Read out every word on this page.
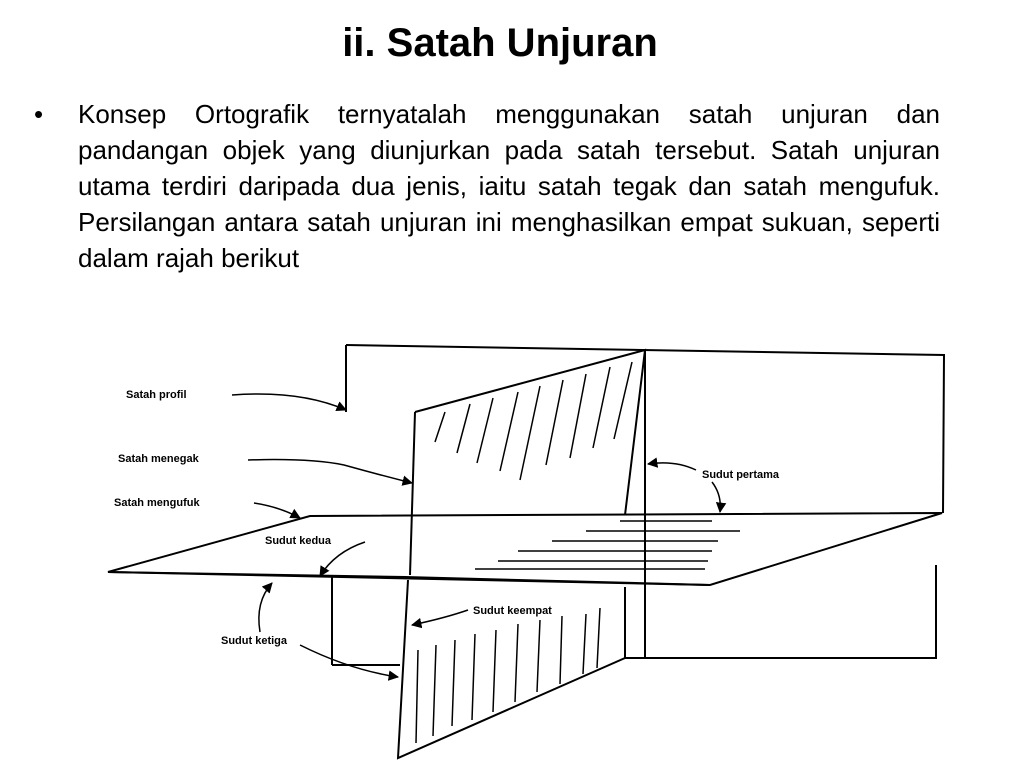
ii. Satah Unjuran
•	Konsep Ortografik ternyatalah menggunakan satah unjuran dan pandangan objek yang diunjurkan pada satah tersebut. Satah unjuran utama terdiri daripada dua jenis, iaitu satah tegak dan satah mengufuk. Persilangan antara satah unjuran ini menghasilkan empat sukuan, seperti dalam rajah berikut
Satah profil
Satah menegak
Satah mengufuk
Sudut kedua
Sudut pertama
Sudut keempat
Sudut ketiga
